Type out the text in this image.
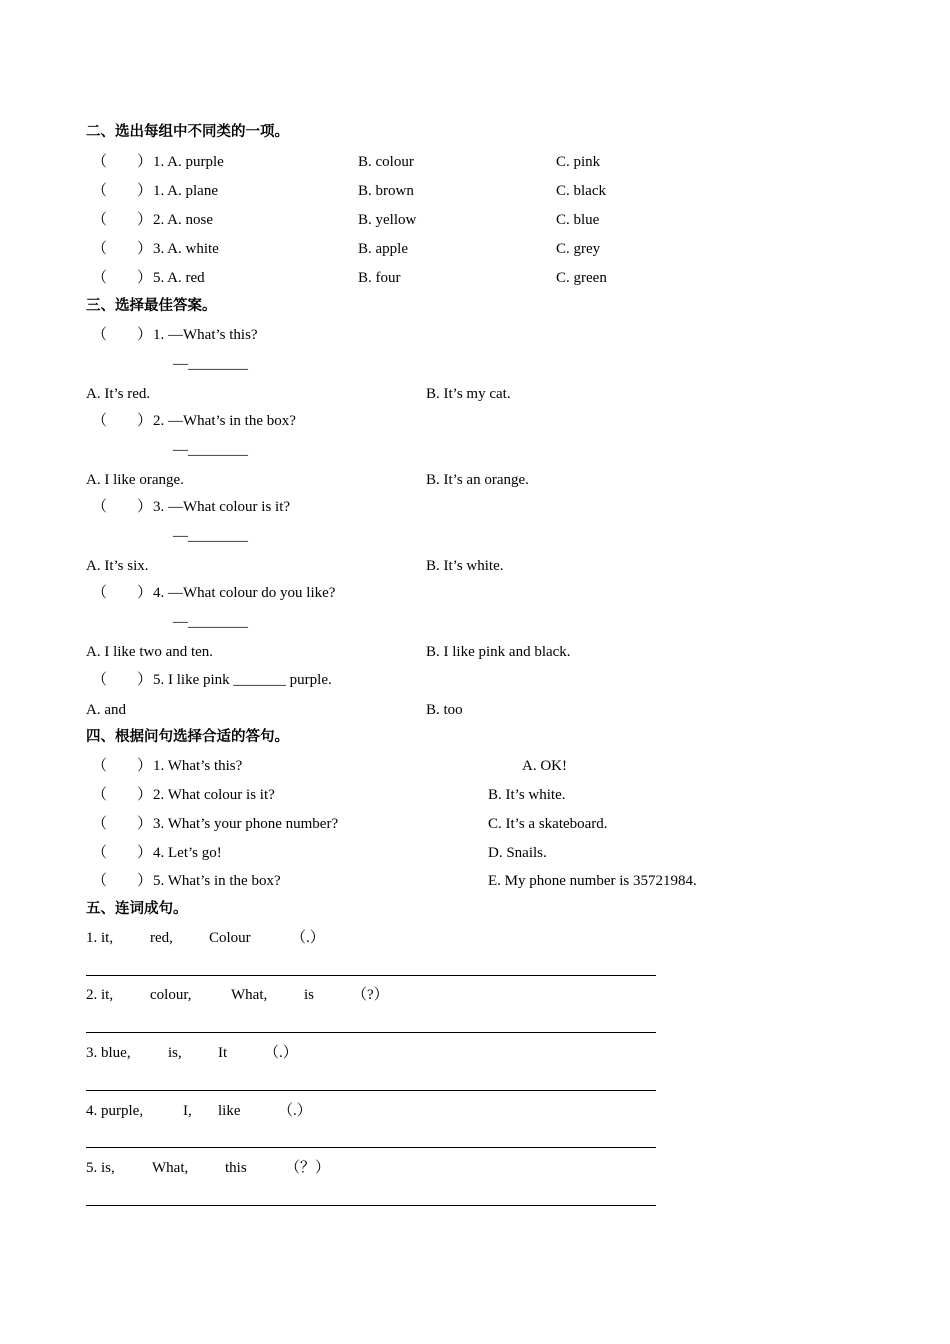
二、选出每组中不同类的一项。
（　　） 1. A. purple	B. colour	C. pink
（　　） 1. A. plane	B. brown	C. black
（　　） 2. A. nose	B. yellow	C. blue
（　　） 3. A. white	B. apple	C. grey
（　　） 5. A. red	B. four	C. green
三、选择最佳答案。
（　　） 1. —What’s this?
—________
A. It’s red.	B. It’s my cat.
（　　） 2. —What’s in the box?
—________
A. I like orange.	B. It’s an orange.
（　　） 3. —What colour is it?
—________
A. It’s six.	B. It’s white.
（　　） 4. —What colour do you like?
—________
A. I like two and ten.	B. I like pink and black.
（　　） 5. I like pink _______ purple.
A. and	B. too
四、根据问句选择合适的答句。
（　　） 1. What’s this?	A. OK!
（　　） 2. What colour is it?	B. It’s white.
（　　） 3. What’s your phone number?	C. It’s a skateboard.
（　　） 4. Let’s go!	D. Snails.
（　　） 5. What’s in the box?	E. My phone number is 35721984.
五、连词成句。
1. it, red, Colour	（.）
2. it, colour,	What, is	（?）
3. blue, is, It （.）
4. purple,	I, like	（.）
5. is, What, this	（？）
